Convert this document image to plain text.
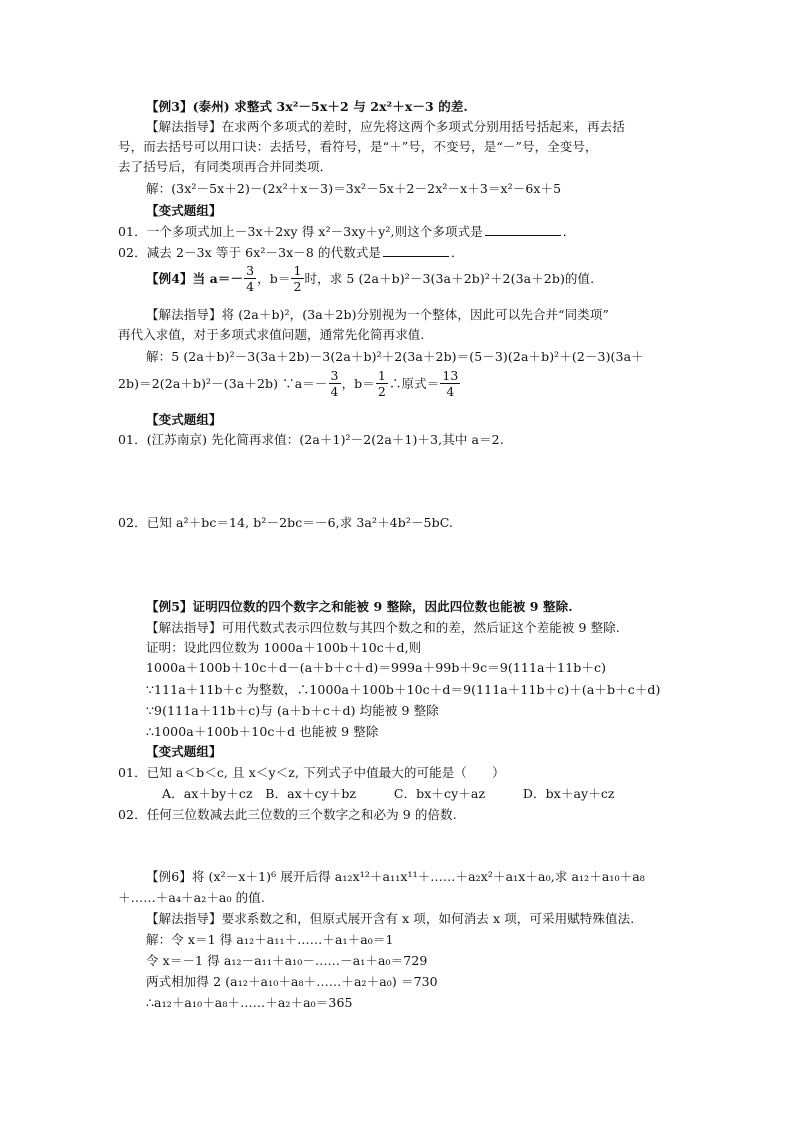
【例3】(泰州) 求整式 3x²－5x＋2 与 2x²＋x－3 的差.
【解法指导】在求两个多项式的差时，应先将这两个多项式分别用括号括起来，再去括
号，而去括号可以用口诀：去括号，看符号，是“＋”号，不变号，是“－”号，全变号，
去了括号后，有同类项再合并同类项．
解：(3x²－5x＋2)－(2x²＋x－3)＝3x²－5x＋2－2x²－x＋3＝x²－6x＋5
【变式题组】
01．一个多项式加上－3x＋2xy 得 x²－3xy＋y²,则这个多项式是	．
02．减去 2－3x 等于 6x²－3x－8 的代数式是	．
【例4】当 $a=- \frac{3}{4}$ ，$b= \frac{1}{2}$ 时，求 5 (2a＋b)²－3(3a＋2b)²＋2(3a＋2b)的值.
【解法指导】将 (2a＋b)²，(3a＋2b)分别视为一个整体，因此可以先合并“同类项”
再代入求值，对于多项式求值问题，通常先化简再求值.
解：5 (2a＋b)²－3(3a＋2b)－3(2a＋b)²＋2(3a＋2b)＝(5－3)(2a＋b)²＋(2－3)(3a＋
2b)＝2(2a＋b)²－(3a＋2b) ∵a＝－ $\frac{3}{4}$ ，$b= \frac{1}{2}$ ∴原式＝ $\frac{13}{4}$
【变式题组】
01．(江苏南京) 先化简再求值：(2a＋1)²－2(2a＋1)＋3,其中 a＝2.
02．已知 a²＋bc＝14, b²－2bc＝－6,求 3a²＋4b²－5bC.
【例5】证明四位数的四个数字之和能被 9 整除，因此四位数也能被 9 整除.
【解法指导】可用代数式表示四位数与其四个数之和的差，然后证这个差能被 9 整除.
证明：设此四位数为 1000a＋100b＋10c＋d,则
1000a＋100b＋10c＋d－(a＋b＋c＋d)＝999a＋99b＋9c＝9(111a＋11b＋c)
∵111a＋11b＋c 为整数，∴1000a＋100b＋10c＋d＝9(111a＋11b＋c)＋(a＋b＋c＋d)
∵9(111a＋11b＋c)与 (a＋b＋c＋d) 均能被 9 整除
∴1000a＋100b＋10c＋d 也能被 9 整除
【变式题组】
01．已知 a＜b＜c, 且 x＜y＜z, 下列式子中值最大的可能是（　　）
A．ax＋by＋cz　B．ax＋cy＋bz　　　C．bx＋cy＋az　　　D．bx＋ay＋cz
02．任何三位数减去此三位数的三个数字之和必为 9 的倍数.
【例6】将 (x²－x＋1)⁶ 展开后得 a₁₂x¹²＋a₁₁x¹¹＋……＋a₂x²＋a₁x＋a₀,求 a₁₂＋a₁₀＋a₈
＋……＋a₄＋a₂＋a₀ 的值.
【解法指导】要求系数之和，但原式展开含有 x 项，如何消去 x 项，可采用赋特殊值法.
解：令 x＝1 得 a₁₂＋a₁₁＋……＋a₁＋a₀＝1
令 x＝－1 得 a₁₂－a₁₁＋a₁₀－……－a₁＋a₀＝729
两式相加得 2 (a₁₂＋a₁₀＋a₈＋……＋a₂＋a₀) ＝730
∴a₁₂＋a₁₀＋a₈＋……＋a₂＋a₀＝365
